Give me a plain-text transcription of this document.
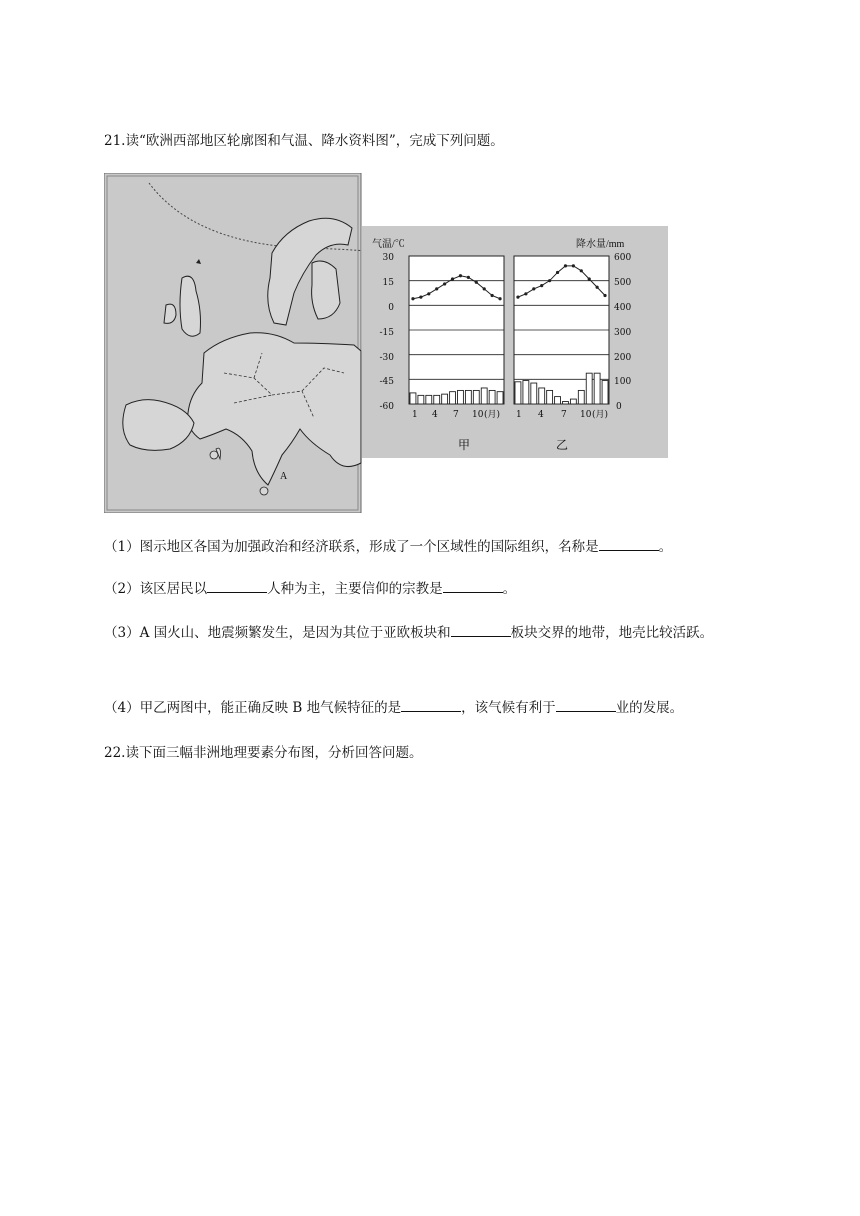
21.读“欧洲西部地区轮廓图和气温、降水资料图”，完成下列问题。
A
气温/℃	降水量/mm
30
15
0
-15
-30
-45
-60
600
500
400
300
200
100
0
1 4 7 10 (月) 1 4 7 10 (月)
甲	乙
（1）图示地区各国为加强政治和经济联系，形成了一个区域性的国际组织，名称是	。
（2）该区居民以	人种为主，主要信仰的宗教是	。
（3）A 国火山、地震频繁发生，是因为其位于亚欧板块和	板块交界的地带，地壳比较活跃。
（4）甲乙两图中，能正确反映 B 地气候特征的是	，该气候有利于	业的发展。
22.读下面三幅非洲地理要素分布图，分析回答问题。
